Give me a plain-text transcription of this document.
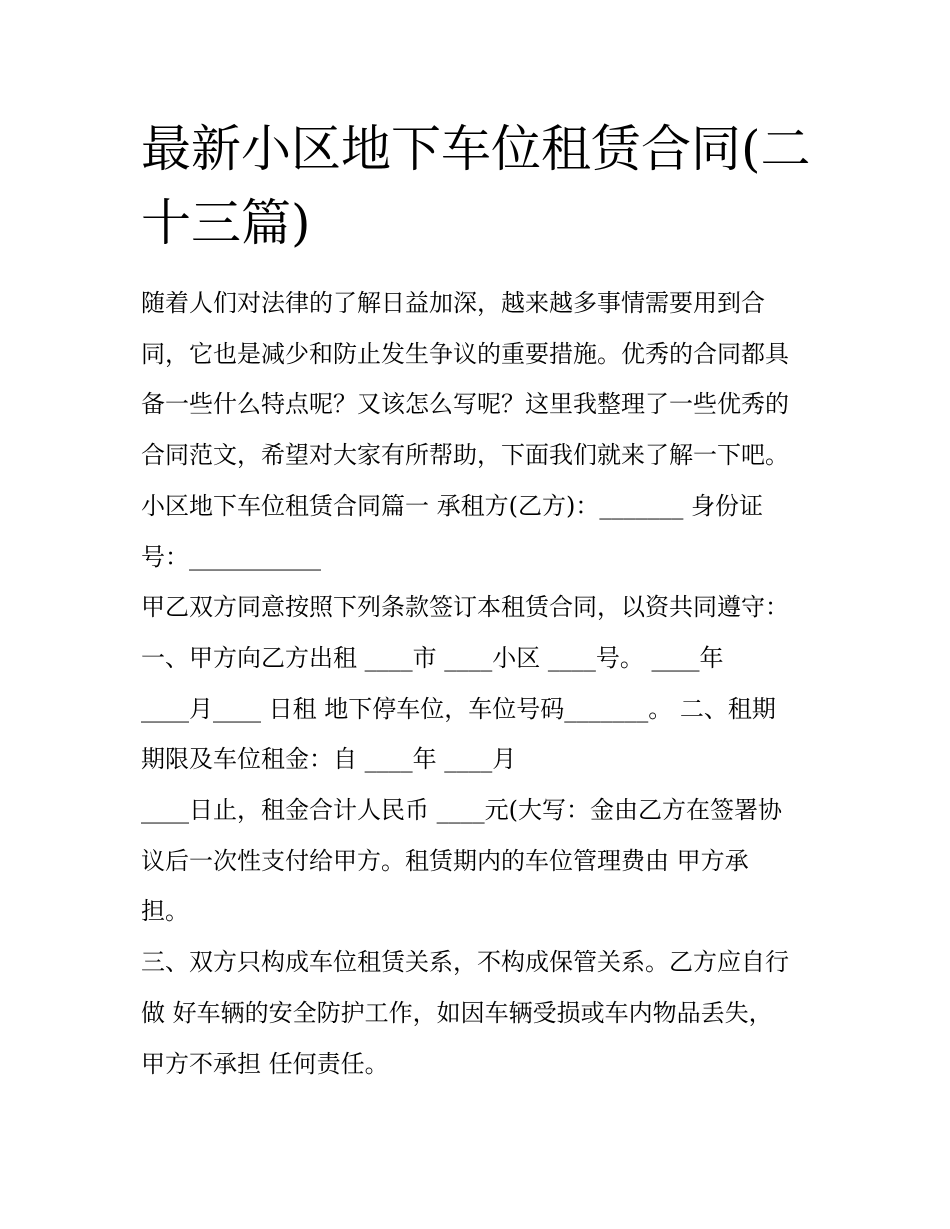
最新小区地下车位租赁合同(二
十三篇)
随着人们对法律的了解日益加深，越来越多事情需要用到合
同，它也是减少和防止发生争议的重要措施。优秀的合同都具
备一些什么特点呢？又该怎么写呢？这里我整理了一些优秀的
合同范文，希望对大家有所帮助，下面我们就来了解一下吧。
小区地下车位租赁合同篇一 承租方(乙方)：_______ 身份证
号：___________
甲乙双方同意按照下列条款签订本租赁合同，以资共同遵守：
一、甲方向乙方出租 ____市 ____小区 ____号。 ____年
____月____ 日租 地下停车位，车位号码_______。 二、租期
期限及车位租金：自 ____年 ____月
____日止，租金合计人民币 ____元(大写：金由乙方在签署协
议后一次性支付给甲方。租赁期内的车位管理费由 甲方承
担。
三、双方只构成车位租赁关系，不构成保管关系。乙方应自行
做 好车辆的安全防护工作，如因车辆受损或车内物品丢失，
甲方不承担 任何责任。
